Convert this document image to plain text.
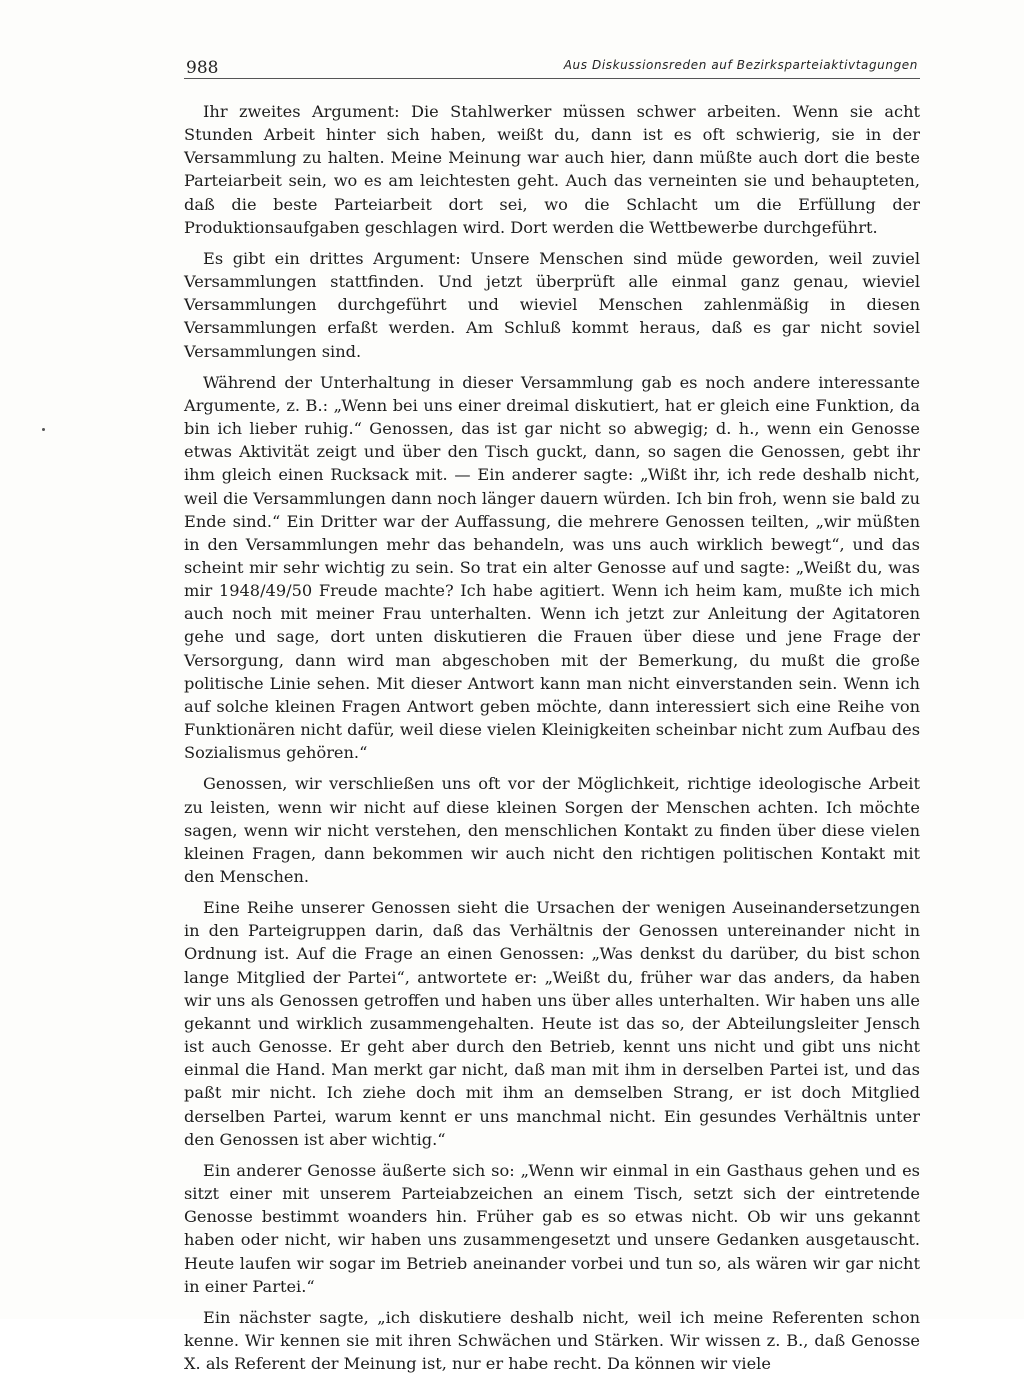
988	Aus Diskussionsreden auf Bezirksparteiaktivtagungen

Ihr zweites Argument: Die Stahlwerker müssen schwer arbeiten. Wenn sie acht Stunden Arbeit hinter sich haben, weißt du, dann ist es oft schwierig, sie in der Versammlung zu halten. Meine Meinung war auch hier, dann müßte auch dort die beste Parteiarbeit sein, wo es am leichtesten geht. Auch das verneinten sie und behaupteten, daß die beste Parteiarbeit dort sei, wo die Schlacht um die Erfüllung der Produktionsaufgaben geschlagen wird. Dort werden die Wettbewerbe durchgeführt.

Es gibt ein drittes Argument: Unsere Menschen sind müde geworden, weil zuviel Versammlungen stattfinden. Und jetzt überprüft alle einmal ganz genau, wieviel Versammlungen durchgeführt und wieviel Menschen zahlenmäßig in diesen Versammlungen erfaßt werden. Am Schluß kommt heraus, daß es gar nicht soviel Versammlungen sind.

Während der Unterhaltung in dieser Versammlung gab es noch andere interessante Argumente, z. B.: „Wenn bei uns einer dreimal diskutiert, hat er gleich eine Funktion, da bin ich lieber ruhig.“ Genossen, das ist gar nicht so abwegig; d. h., wenn ein Genosse etwas Aktivität zeigt und über den Tisch guckt, dann, so sagen die Genossen, gebt ihr ihm gleich einen Rucksack mit. — Ein anderer sagte: „Wißt ihr, ich rede deshalb nicht, weil die Versammlungen dann noch länger dauern würden. Ich bin froh, wenn sie bald zu Ende sind.“ Ein Dritter war der Auffassung, die mehrere Genossen teilten, „wir müßten in den Versammlungen mehr das behandeln, was uns auch wirklich bewegt“, und das scheint mir sehr wichtig zu sein. So trat ein alter Genosse auf und sagte: „Weißt du, was mir 1948/49/50 Freude machte? Ich habe agitiert. Wenn ich heim kam, mußte ich mich auch noch mit meiner Frau unterhalten. Wenn ich jetzt zur Anleitung der Agitatoren gehe und sage, dort unten diskutieren die Frauen über diese und jene Frage der Versorgung, dann wird man abgeschoben mit der Bemerkung, du mußt die große politische Linie sehen. Mit dieser Antwort kann man nicht einverstanden sein. Wenn ich auf solche kleinen Fragen Antwort geben möchte, dann interessiert sich eine Reihe von Funktionären nicht dafür, weil diese vielen Kleinigkeiten scheinbar nicht zum Aufbau des Sozialismus gehören.“

Genossen, wir verschließen uns oft vor der Möglichkeit, richtige ideologische Arbeit zu leisten, wenn wir nicht auf diese kleinen Sorgen der Menschen achten. Ich möchte sagen, wenn wir nicht verstehen, den menschlichen Kontakt zu finden über diese vielen kleinen Fragen, dann bekommen wir auch nicht den richtigen politischen Kontakt mit den Menschen.

Eine Reihe unserer Genossen sieht die Ursachen der wenigen Auseinandersetzungen in den Parteigruppen darin, daß das Verhältnis der Genossen untereinander nicht in Ordnung ist. Auf die Frage an einen Genossen: „Was denkst du darüber, du bist schon lange Mitglied der Partei“, antwortete er: „Weißt du, früher war das anders, da haben wir uns als Genossen getroffen und haben uns über alles unterhalten. Wir haben uns alle gekannt und wirklich zusammengehalten. Heute ist das so, der Abteilungsleiter Jensch ist auch Genosse. Er geht aber durch den Betrieb, kennt uns nicht und gibt uns nicht einmal die Hand. Man merkt gar nicht, daß man mit ihm in derselben Partei ist, und das paßt mir nicht. Ich ziehe doch mit ihm an demselben Strang, er ist doch Mitglied derselben Partei, warum kennt er uns manchmal nicht. Ein gesundes Verhältnis unter den Genossen ist aber wichtig.“

Ein anderer Genosse äußerte sich so: „Wenn wir einmal in ein Gasthaus gehen und es sitzt einer mit unserem Parteiabzeichen an einem Tisch, setzt sich der eintretende Genosse bestimmt woanders hin. Früher gab es so etwas nicht. Ob wir uns gekannt haben oder nicht, wir haben uns zusammengesetzt und unsere Gedanken ausgetauscht. Heute laufen wir sogar im Betrieb aneinander vorbei und tun so, als wären wir gar nicht in einer Partei.“

Ein nächster sagte, „ich diskutiere deshalb nicht, weil ich meine Referenten schon kenne. Wir kennen sie mit ihren Schwächen und Stärken. Wir wissen z. B., daß Genosse X. als Referent der Meinung ist, nur er habe recht. Da können wir viele
